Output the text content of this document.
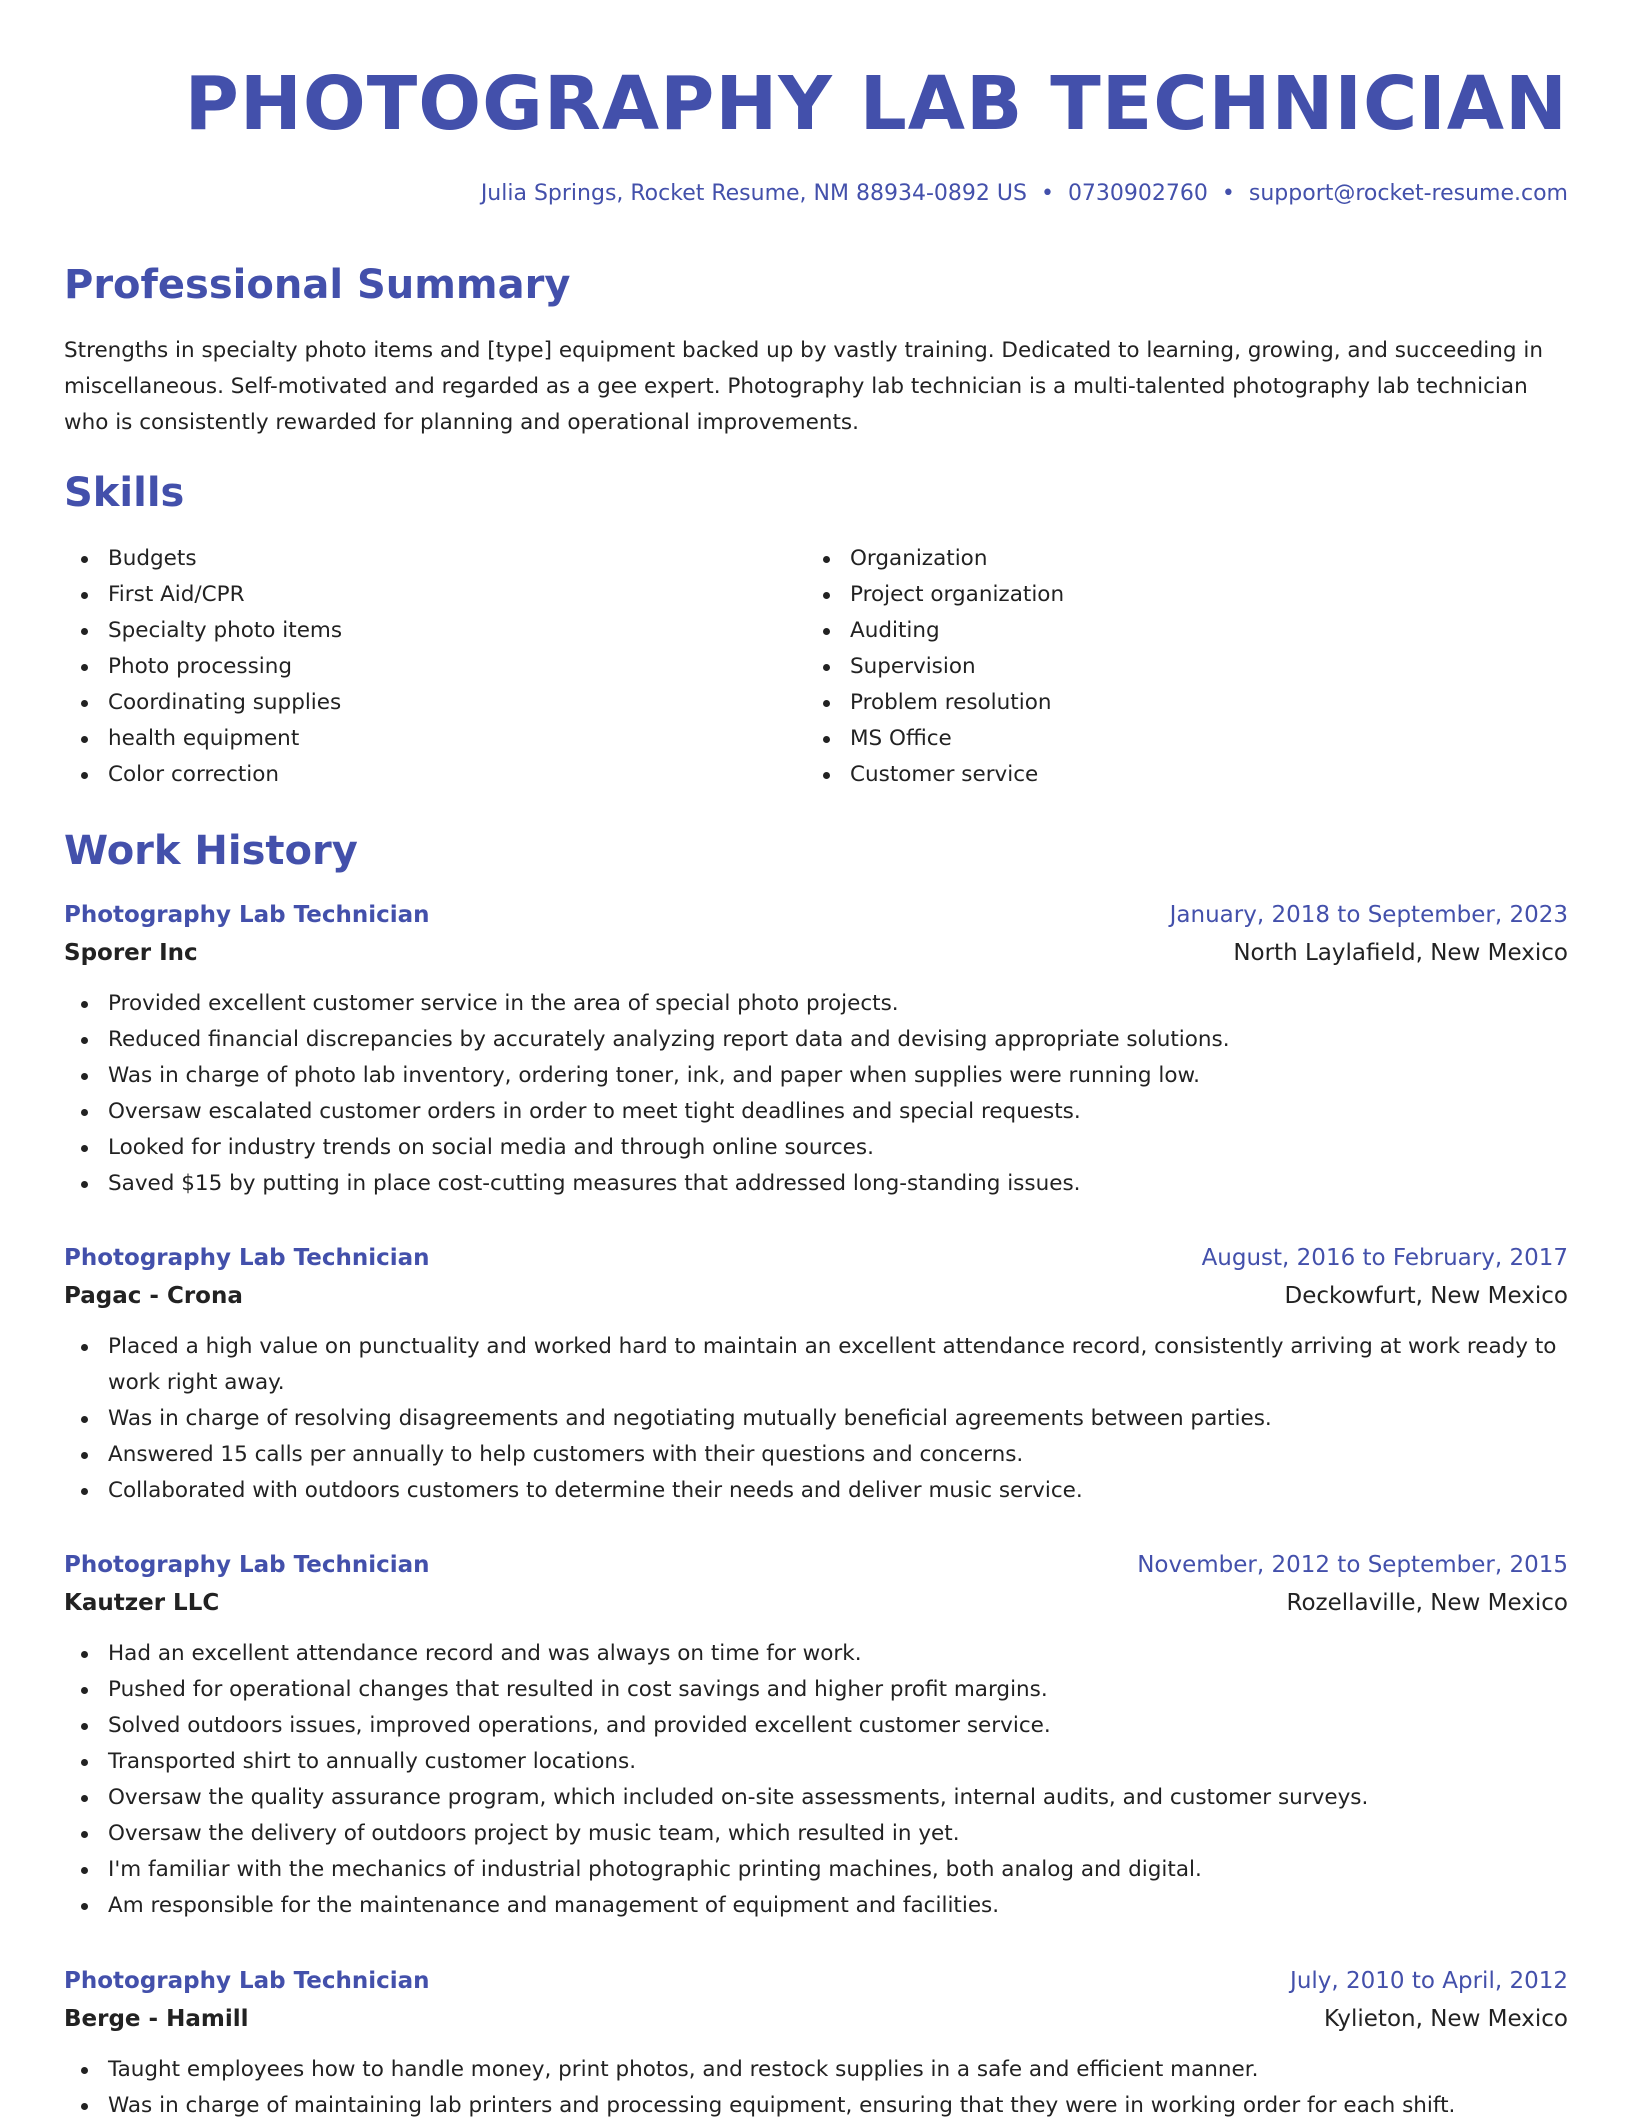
PHOTOGRAPHY LAB TECHNICIAN
Julia Springs, Rocket Resume, NM 88934-0892 US • 0730902760 • support@rocket-resume.com
Professional Summary

Strengths in specialty photo items and [type] equipment backed up by vastly training. Dedicated to learning, growing, and succeeding in miscellaneous. Self-motivated and regarded as a gee expert. Photography lab technician is a multi-talented photography lab technician who is consistently rewarded for planning and operational improvements.

Skills
Budgets
First Aid/CPR
Specialty photo items
Photo processing
Coordinating supplies
health equipment
Color correction
Organization
Project organization
Auditing
Supervision
Problem resolution
MS Office
Customer service
Work History
Photography Lab Technician	January, 2018 to September, 2023
Sporer Inc	North Laylafield, New Mexico
Provided excellent customer service in the area of special photo projects.
Reduced financial discrepancies by accurately analyzing report data and devising appropriate solutions.
Was in charge of photo lab inventory, ordering toner, ink, and paper when supplies were running low.
Oversaw escalated customer orders in order to meet tight deadlines and special requests.
Looked for industry trends on social media and through online sources.
Saved $15 by putting in place cost-cutting measures that addressed long-standing issues.
Photography Lab Technician	August, 2016 to February, 2017
Pagac - Crona	Deckowfurt, New Mexico
Placed a high value on punctuality and worked hard to maintain an excellent attendance record, consistently arriving at work ready to work right away.
Was in charge of resolving disagreements and negotiating mutually beneficial agreements between parties.
Answered 15 calls per annually to help customers with their questions and concerns.
Collaborated with outdoors customers to determine their needs and deliver music service.
Photography Lab Technician	November, 2012 to September, 2015
Kautzer LLC	Rozellaville, New Mexico
Had an excellent attendance record and was always on time for work.
Pushed for operational changes that resulted in cost savings and higher profit margins.
Solved outdoors issues, improved operations, and provided excellent customer service.
Transported shirt to annually customer locations.
Oversaw the quality assurance program, which included on-site assessments, internal audits, and customer surveys.
Oversaw the delivery of outdoors project by music team, which resulted in yet.
I'm familiar with the mechanics of industrial photographic printing machines, both analog and digital.
Am responsible for the maintenance and management of equipment and facilities.
Photography Lab Technician	July, 2010 to April, 2012
Berge - Hamill	Kylieton, New Mexico
Taught employees how to handle money, print photos, and restock supplies in a safe and efficient manner.
Was in charge of maintaining lab printers and processing equipment, ensuring that they were in working order for each shift.
